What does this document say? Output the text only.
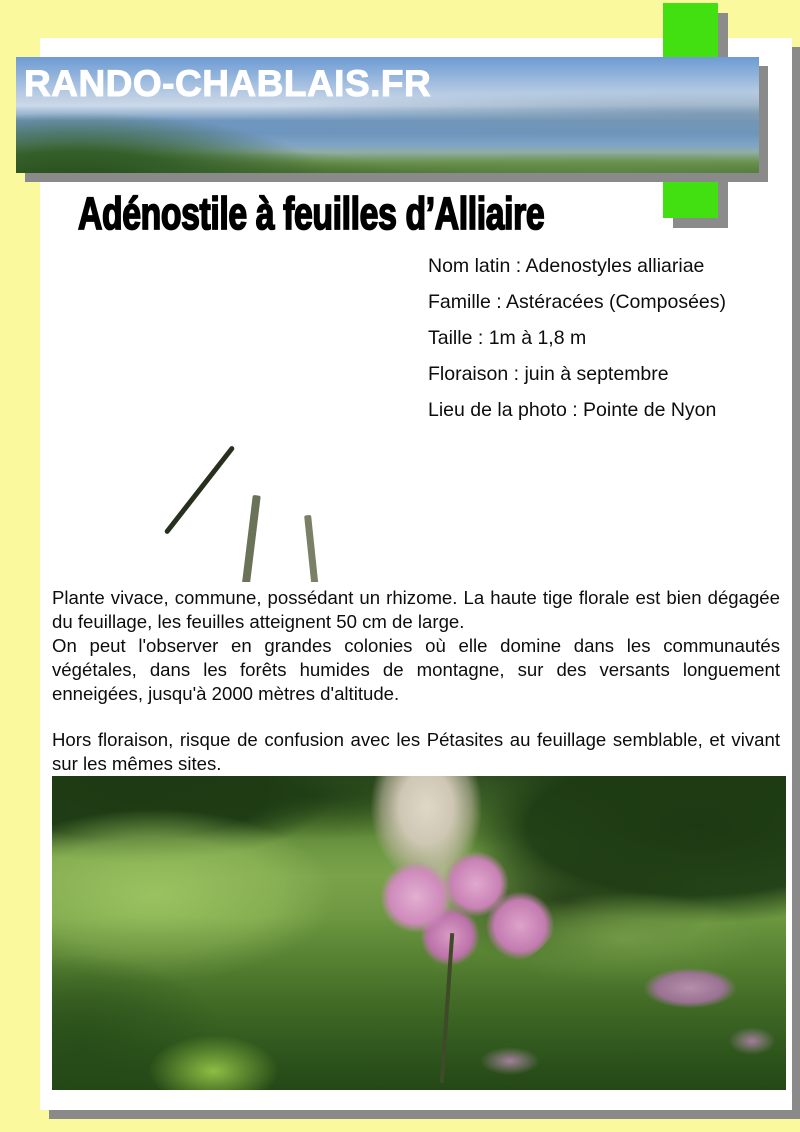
RANDO-CHABLAIS.FR
Adénostile à feuilles d’Alliaire
Nom latin : Adenostyles alliariae
Famille : Astéracées (Composées)
Taille : 1m à 1,8 m
Floraison : juin à septembre
Lieu de la photo : Pointe de Nyon

Plante vivace, commune, possédant un rhizome. La haute tige florale est bien dégagée du feuillage, les feuilles atteignent 50 cm de large.

On peut l'observer en grandes colonies où elle domine dans les communautés végétales, dans les forêts humides de montagne, sur des versants longuement enneigées, jusqu'à 2000 mètres d'altitude.

Hors floraison, risque de confusion avec les Pétasites au feuillage semblable, et vivant sur les mêmes sites.
